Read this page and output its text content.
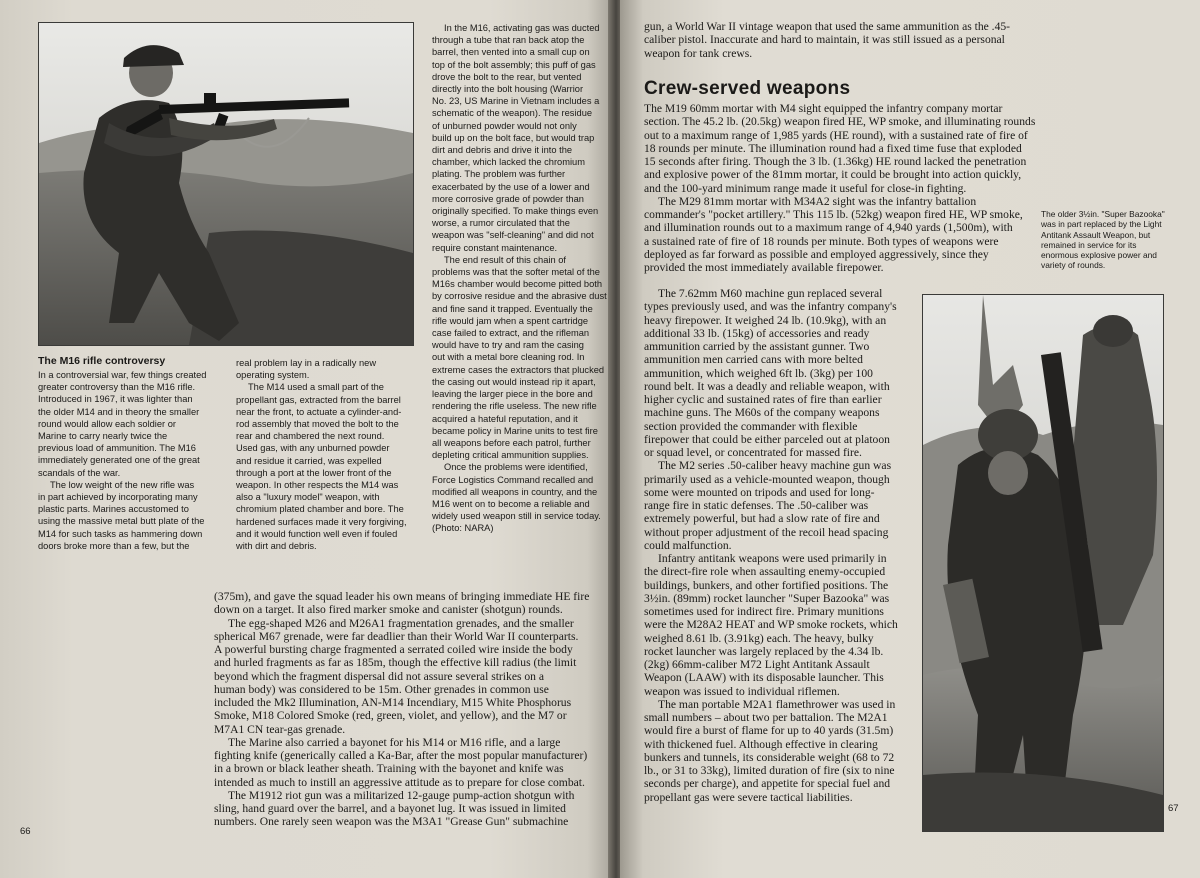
The M16 rifle controversy

In a controversial war, few things created

greater controversy than the M16 rifle.

Introduced in 1967, it was lighter than

the older M14 and in theory the smaller

round would allow each soldier or

Marine to carry nearly twice the

previous load of ammunition. The M16

immediately generated one of the great

scandals of the war.

The low weight of the new rifle was

in part achieved by incorporating many

plastic parts. Marines accustomed to

using the massive metal butt plate of the

M14 for such tasks as hammering down

doors broke more than a few, but the

real problem lay in a radically new

operating system.

The M14 used a small part of the

propellant gas, extracted from the barrel

near the front, to actuate a cylinder-and-

rod assembly that moved the bolt to the

rear and chambered the next round.

Used gas, with any unburned powder

and residue it carried, was expelled

through a port at the lower front of the

weapon. In other respects the M14 was

also a "luxury model" weapon, with

chromium plated chamber and bore. The

hardened surfaces made it very forgiving,

and it would function well even if fouled

with dirt and debris.

In the M16, activating gas was ducted

through a tube that ran back atop the

barrel, then vented into a small cup on

top of the bolt assembly; this puff of gas

drove the bolt to the rear, but vented

directly into the bolt housing (Warrior

No. 23, US Marine in Vietnam includes a

schematic of the weapon). The residue

of unburned powder would not only

build up on the bolt face, but would trap

dirt and debris and drive it into the

chamber, which lacked the chromium

plating. The problem was further

exacerbated by the use of a lower and

more corrosive grade of powder than

originally specified. To make things even

worse, a rumor circulated that the

weapon was "self-cleaning" and did not

require constant maintenance.

The end result of this chain of

problems was that the softer metal of the

M16s chamber would become pitted both

by corrosive residue and the abrasive dust

and fine sand it trapped. Eventually the

rifle would jam when a spent cartridge

case failed to extract, and the rifleman

would have to try and ram the casing

out with a metal bore cleaning rod. In

extreme cases the extractors that plucked

the casing out would instead rip it apart,

leaving the larger piece in the bore and

rendering the rifle useless. The new rifle

acquired a hateful reputation, and it

became policy in Marine units to test fire

all weapons before each patrol, further

depleting critical ammunition supplies.

Once the problems were identified,

Force Logistics Command recalled and

modified all weapons in country, and the

M16 went on to become a reliable and

widely used weapon still in service today.

(Photo: NARA)

(375m), and gave the squad leader his own means of bringing immediate HE fire

down on a target. It also fired marker smoke and canister (shotgun) rounds.

The egg-shaped M26 and M26A1 fragmentation grenades, and the smaller

spherical M67 grenade, were far deadlier than their World War II counterparts.

A powerful bursting charge fragmented a serrated coiled wire inside the body

and hurled fragments as far as 185m, though the effective kill radius (the limit

beyond which the fragment dispersal did not assure several strikes on a

human body) was considered to be 15m. Other grenades in common use

included the Mk2 Illumination, AN-M14 Incendiary, M15 White Phosphorus

Smoke, M18 Colored Smoke (red, green, violet, and yellow), and the M7 or

M7A1 CN tear-gas grenade.

The Marine also carried a bayonet for his M14 or M16 rifle, and a large

fighting knife (generically called a Ka-Bar, after the most popular manufacturer)

in a brown or black leather sheath. Training with the bayonet and knife was

intended as much to instill an aggressive attitude as to prepare for close combat.

The M1912 riot gun was a militarized 12-gauge pump-action shotgun with

sling, hand guard over the barrel, and a bayonet lug. It was issued in limited

numbers. One rarely seen weapon was the M3A1 "Grease Gun" submachine

66

gun, a World War II vintage weapon that used the same ammunition as the .45-

caliber pistol. Inaccurate and hard to maintain, it was still issued as a personal

weapon for tank crews.

Crew-served weapons

The M19 60mm mortar with M4 sight equipped the infantry company mortar

section. The 45.2 lb. (20.5kg) weapon fired HE, WP smoke, and illuminating rounds

out to a maximum range of 1,985 yards (HE round), with a sustained rate of fire of

18 rounds per minute. The illumination round had a fixed time fuse that exploded

15 seconds after firing. Though the 3 lb. (1.36kg) HE round lacked the penetration

and explosive power of the 81mm mortar, it could be brought into action quickly,

and the 100-yard minimum range made it useful for close-in fighting.

The M29 81mm mortar with M34A2 sight was the infantry battalion

commander's "pocket artillery." This 115 lb. (52kg) weapon fired HE, WP smoke,

and illumination rounds out to a maximum range of 4,940 yards (1,500m), with

a sustained rate of fire of 18 rounds per minute. Both types of weapons were

deployed as far forward as possible and employed aggressively, since they

provided the most immediately available firepower.

The 7.62mm M60 machine gun replaced several

types previously used, and was the infantry company's

heavy firepower. It weighed 24 lb. (10.9kg), with an

additional 33 lb. (15kg) of accessories and ready

ammunition carried by the assistant gunner. Two

ammunition men carried cans with more belted

ammunition, which weighed 6ft lb. (3kg) per 100

round belt. It was a deadly and reliable weapon, with

higher cyclic and sustained rates of fire than earlier

machine guns. The M60s of the company weapons

section provided the commander with flexible

firepower that could be either parceled out at platoon

or squad level, or concentrated for massed fire.

The M2 series .50-caliber heavy machine gun was

primarily used as a vehicle-mounted weapon, though

some were mounted on tripods and used for long-

range fire in static defenses. The .50-caliber was

extremely powerful, but had a slow rate of fire and

without proper adjustment of the recoil head spacing

could malfunction.

Infantry antitank weapons were used primarily in

the direct-fire role when assaulting enemy-occupied

buildings, bunkers, and other fortified positions. The

3½in. (89mm) rocket launcher "Super Bazooka" was

sometimes used for indirect fire. Primary munitions

were the M28A2 HEAT and WP smoke rockets, which

weighed 8.61 lb. (3.91kg) each. The heavy, bulky

rocket launcher was largely replaced by the 4.34 lb.

(2kg) 66mm-caliber M72 Light Antitank Assault

Weapon (LAAW) with its disposable launcher. This

weapon was issued to individual riflemen.

The man portable M2A1 flamethrower was used in

small numbers – about two per battalion. The M2A1

would fire a burst of flame for up to 40 yards (31.5m)

with thickened fuel. Although effective in clearing

bunkers and tunnels, its considerable weight (68 to 72

lb., or 31 to 33kg), limited duration of fire (six to nine

seconds per charge), and appetite for special fuel and

propellant gas were severe tactical liabilities.

The older 3½in. "Super Bazooka"
was in part replaced by the Light
Antitank Assault Weapon, but
remained in service for its
enormous explosive power and
variety of rounds.
67
